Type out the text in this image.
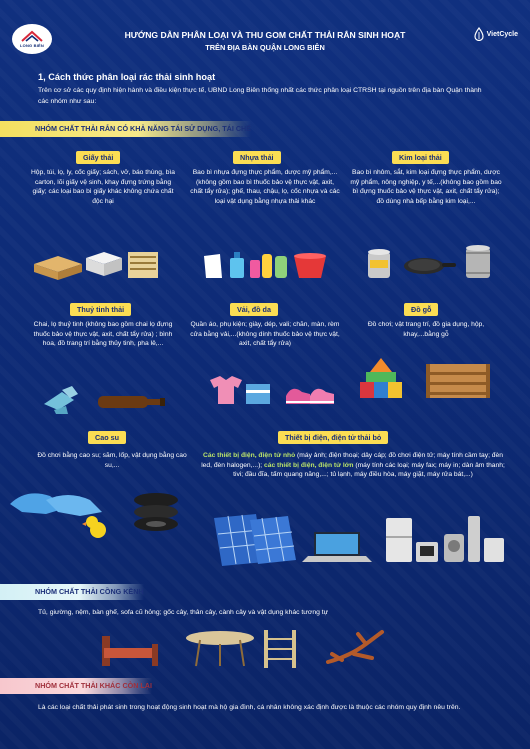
LONG BIÊN
HƯỚNG DẪN PHÂN LOẠI VÀ THU GOM CHẤT THẢI RẮN SINH HOẠT
TRÊN ĐỊA BÀN QUẬN LONG BIÊN
VietCycle
1, Cách thức phân loại rác thải sinh hoạt
Trên cơ sở các quy định hiện hành và điều kiện thực tế, UBND Long Biên thống nhất các thức phân loại CTRSH tại nguồn trên địa bàn Quận thành các nhóm như sau:
NHÓM CHẤT THẢI RẮN CÓ KHẢ NĂNG TÁI SỬ DỤNG, TÁI CHẾ
Giấy thải
Hộp, túi, lọ, ly, cốc giấy; sách, vở, báo thùng, bìa carton, lõi giấy vệ sinh, khay đựng trứng bằng giấy; các loại bao bì giấy khác không chứa chất độc hại
Nhựa thải
Bao bì nhựa đựng thực phẩm, dược mỹ phẩm,... (không gồm bao bì thuốc bảo vệ thực vật, axit, chất tẩy rửa); ghế, thau, chậu, lọ, cốc nhựa và các loại vật dụng bằng nhựa thải khác
Kim loại thải
Bao bì nhôm, sắt, kim loại đựng thực phẩm, dược mỹ phẩm, nông nghiệp, y tế,...(không bao gồm bao bì đựng thuốc bảo vệ thực vật, axit, chất tẩy rửa); đồ dùng nhà bếp bằng kim loại,...
Thuỷ tinh thải
Chai, lọ thuỷ tinh (không bao gồm chai lọ đựng thuốc bảo vệ thực vật, axit, chất tẩy rửa) ; bình hoa, đồ trang trí bằng thủy tinh, pha lê,...
Vải, đồ da
Quần áo, phụ kiện; giày, dép, vali; chăn, màn, rèm cửa bằng vải,...(không dính thuốc bảo vệ thực vật, axit, chất tẩy rửa)
Đồ gỗ
Đồ chơi; vật trang trí, đồ gia dụng, hộp, khay,...bằng gỗ
Cao su
Đồ chơi bằng cao su; săm, lốp, vật dụng bằng cao su,...
Thiết bị điện, điện tử thải bỏ
Các thiết bị điện, điện tử nhỏ (máy ảnh; điện thoại; dây cáp; đồ chơi điện tử; máy tính cầm tay; đèn led, đèn halogen,...); các thiết bị điện, điện tử lớn (máy tính các loại; máy fax; máy in; dàn âm thanh; tivi; đầu đĩa, tấm quang năng,...; tủ lạnh, máy điều hòa, máy giặt, máy rửa bát,...)
NHÓM CHẤT THẢI CỒNG KỀNH
Tủ, giường, nệm, bàn ghế, sofa cũ hỏng; gốc cây, thân cây, cành cây và vật dụng khác tương tự
NHÓM CHẤT THẢI KHÁC CÒN LẠI
Là các loại chất thải phát sinh trong hoạt động sinh hoạt mà hộ gia đình, cá nhân không xác định được là thuộc các nhóm quy định nêu trên.
